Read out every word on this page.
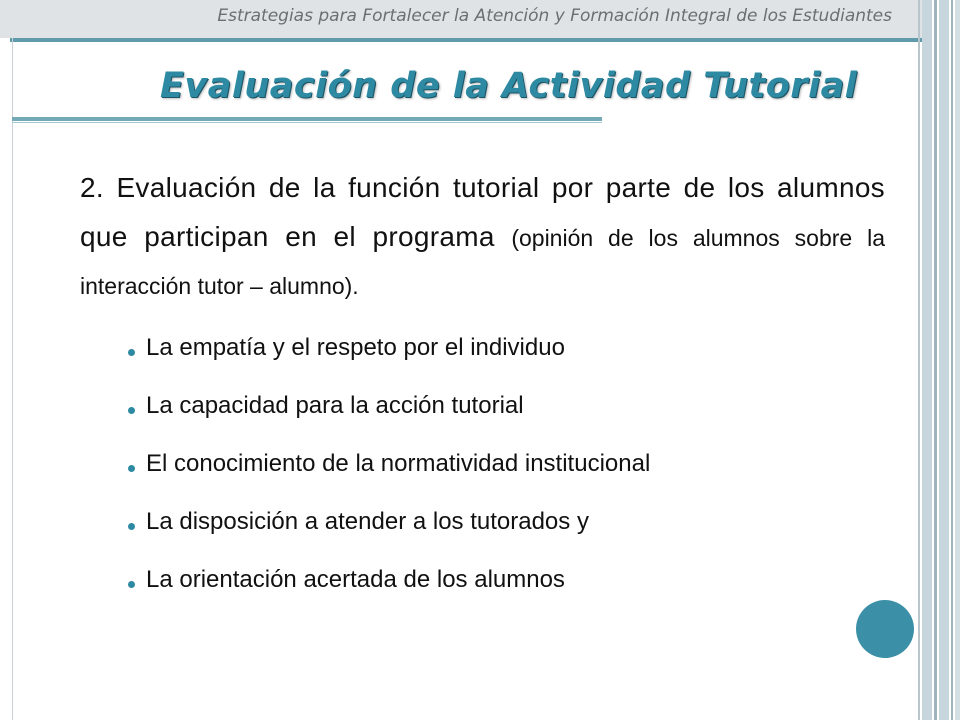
Estrategias para Fortalecer la Atención y Formación Integral de los Estudiantes
Evaluación de la Actividad Tutorial
2. Evaluación de la función tutorial por parte de los alumnos que participan en el programa (opinión de los alumnos sobre la interacción tutor – alumno).
La empatía y el respeto por el individuo
La capacidad para la acción tutorial
El conocimiento de la normatividad institucional
La disposición a atender a los tutorados y
La orientación acertada de los alumnos
